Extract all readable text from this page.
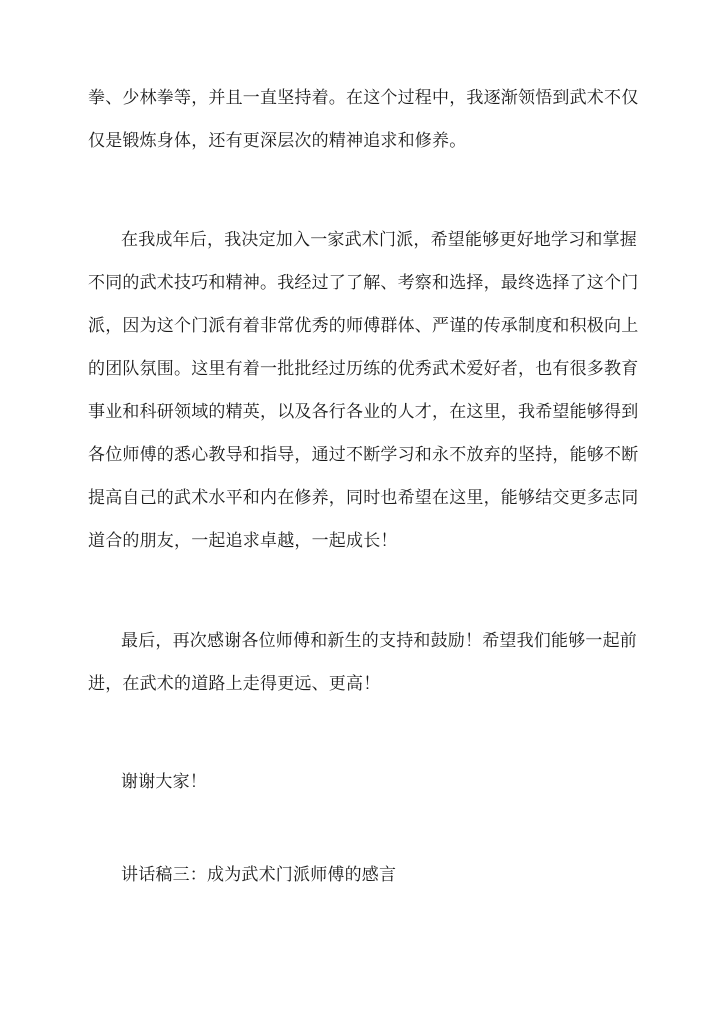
拳、少林拳等，并且一直坚持着。在这个过程中，我逐渐领悟到武术不仅
仅是锻炼身体，还有更深层次的精神追求和修养。
在我成年后，我决定加入一家武术门派，希望能够更好地学习和掌握
不同的武术技巧和精神。我经过了了解、考察和选择，最终选择了这个门
派，因为这个门派有着非常优秀的师傅群体、严谨的传承制度和积极向上
的团队氛围。这里有着一批批经过历练的优秀武术爱好者，也有很多教育
事业和科研领域的精英，以及各行各业的人才，在这里，我希望能够得到
各位师傅的悉心教导和指导，通过不断学习和永不放弃的坚持，能够不断
提高自己的武术水平和内在修养，同时也希望在这里，能够结交更多志同
道合的朋友，一起追求卓越，一起成长！
最后，再次感谢各位师傅和新生的支持和鼓励！希望我们能够一起前
进，在武术的道路上走得更远、更高！
谢谢大家！
讲话稿三：成为武术门派师傅的感言
